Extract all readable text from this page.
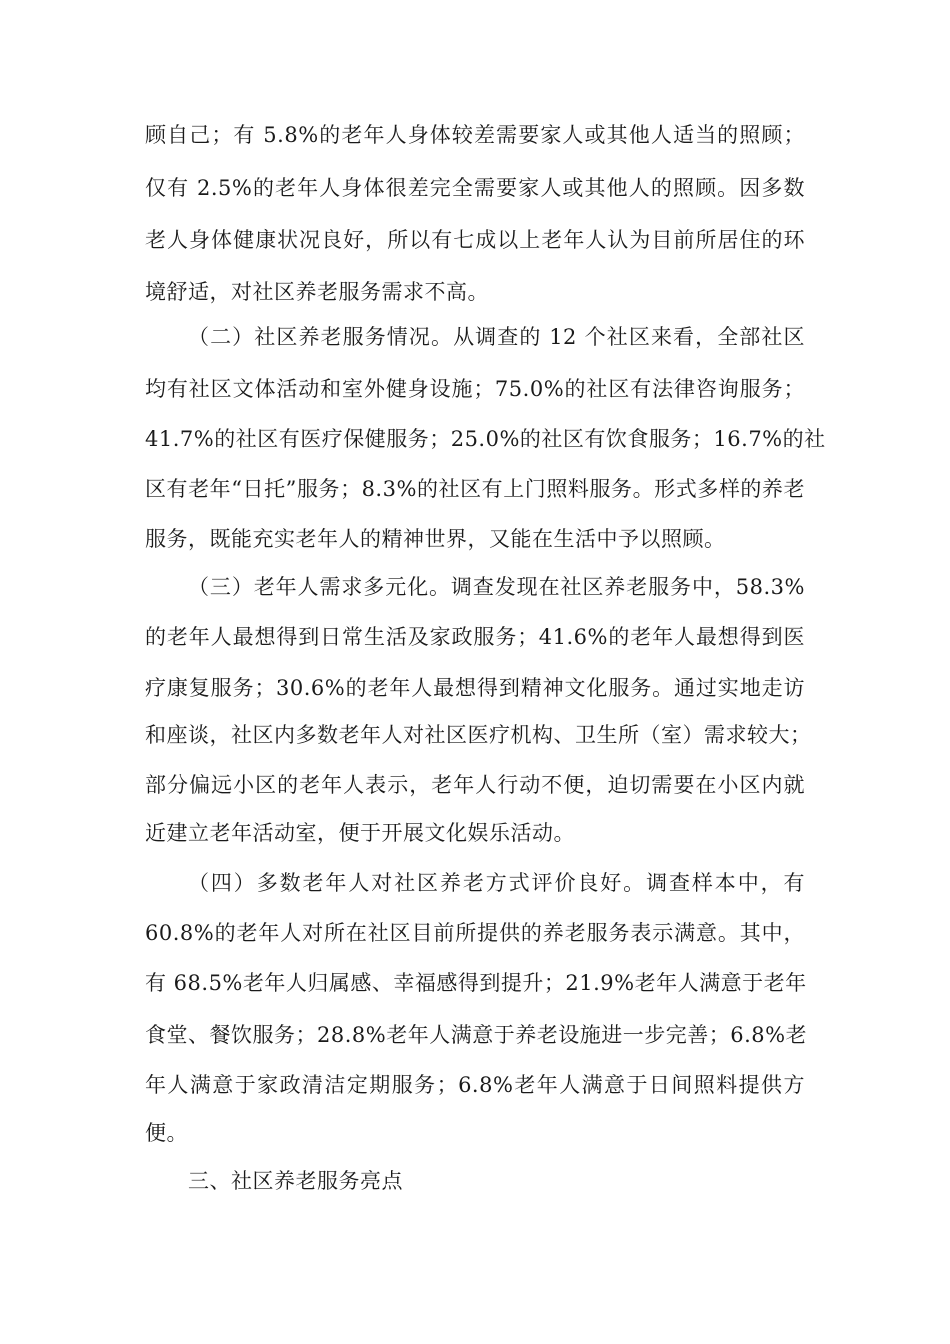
顾自己；有 5.8%的老年人身体较差需要家人或其他人适当的照顾；

仅有 2.5%的老年人身体很差完全需要家人或其他人的照顾。因多数

老人身体健康状况良好，所以有七成以上老年人认为目前所居住的环

境舒适，对社区养老服务需求不高。

（二）社区养老服务情况。从调查的 12 个社区来看，全部社区

均有社区文体活动和室外健身设施；75.0%的社区有法律咨询服务；

41.7%的社区有医疗保健服务；25.0%的社区有饮食服务；16.7%的社

区有老年“日托”服务；8.3%的社区有上门照料服务。形式多样的养老

服务，既能充实老年人的精神世界，又能在生活中予以照顾。

（三）老年人需求多元化。调查发现在社区养老服务中，58.3%

的老年人最想得到日常生活及家政服务；41.6%的老年人最想得到医

疗康复服务；30.6%的老年人最想得到精神文化服务。通过实地走访

和座谈，社区内多数老年人对社区医疗机构、卫生所（室）需求较大；

部分偏远小区的老年人表示，老年人行动不便，迫切需要在小区内就

近建立老年活动室，便于开展文化娱乐活动。

（四）多数老年人对社区养老方式评价良好。调查样本中，有

60.8%的老年人对所在社区目前所提供的养老服务表示满意。其中，

有 68.5%老年人归属感、幸福感得到提升；21.9%老年人满意于老年

食堂、餐饮服务；28.8%老年人满意于养老设施进一步完善；6.8%老

年人满意于家政清洁定期服务；6.8%老年人满意于日间照料提供方

便。

三、社区养老服务亮点
